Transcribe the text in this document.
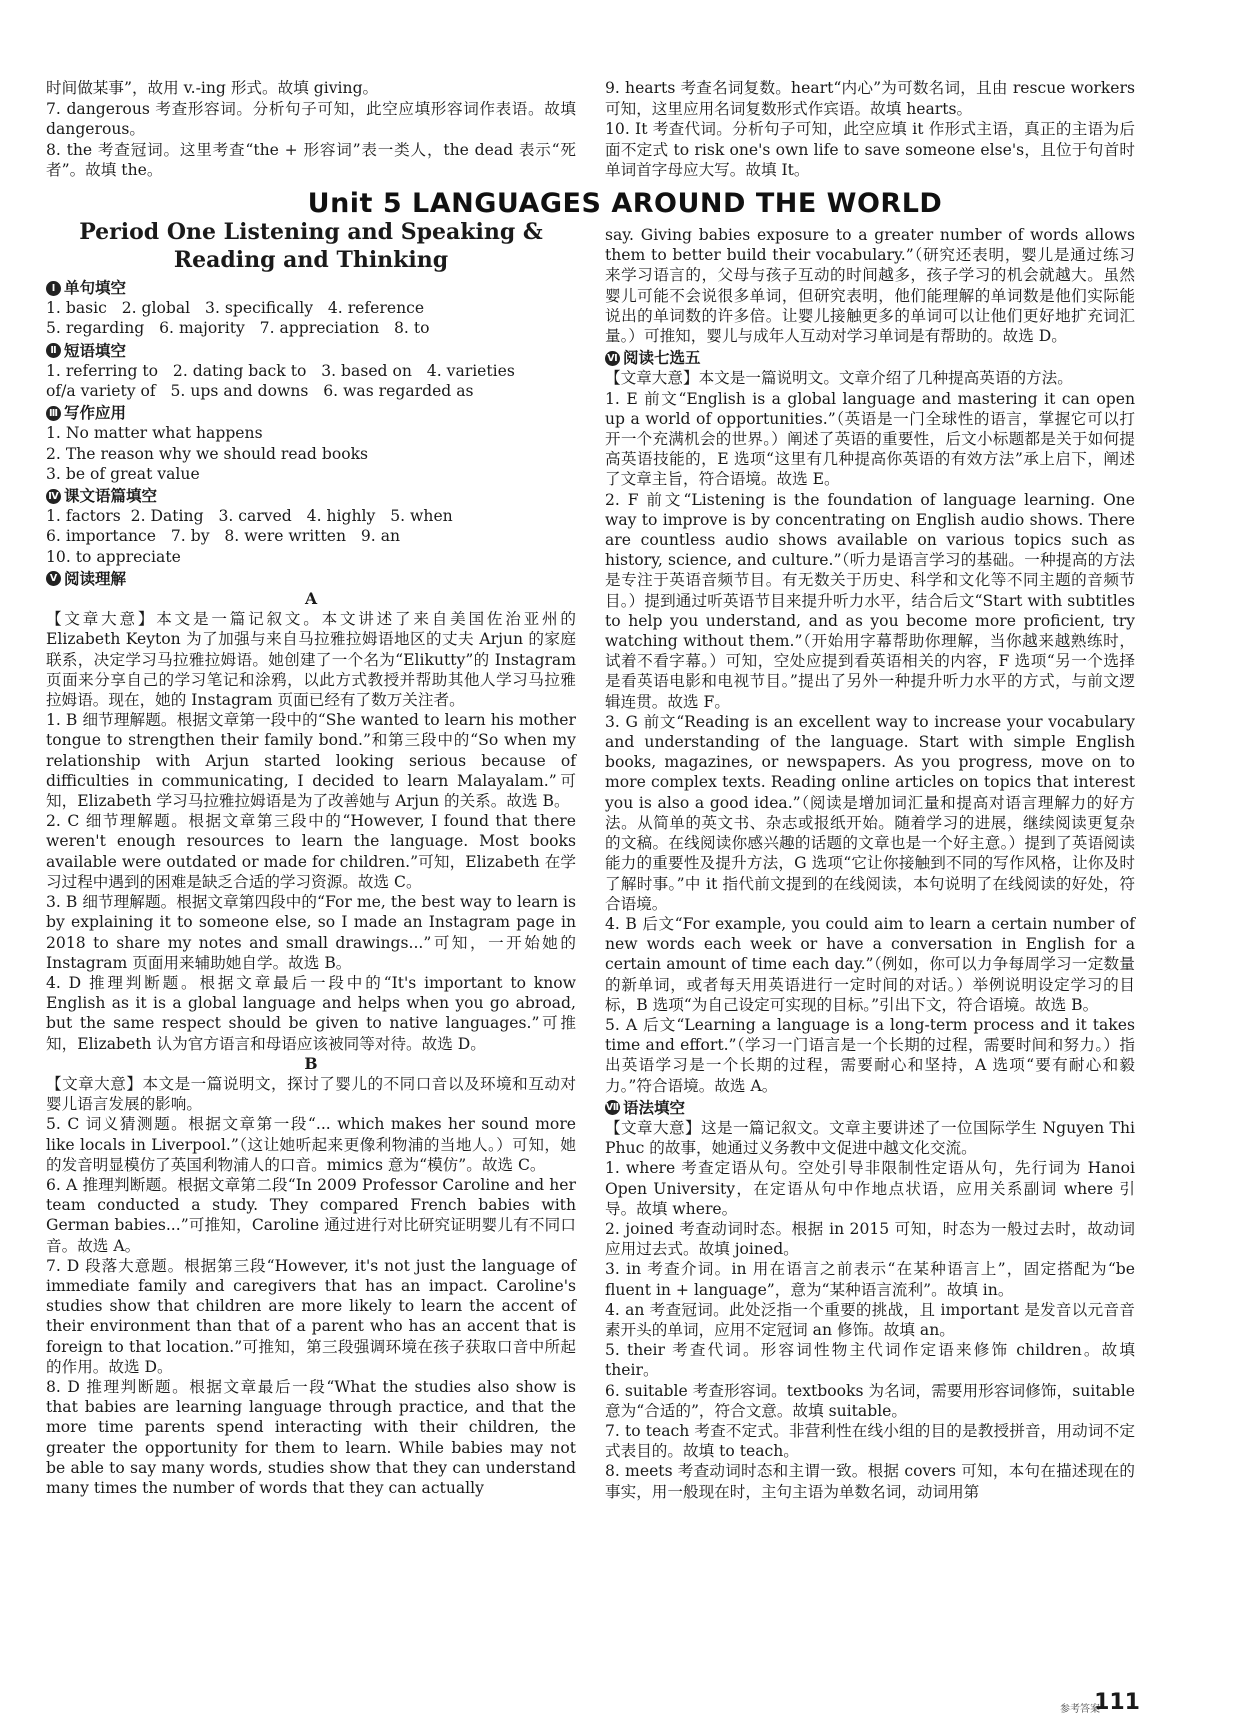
时间做某事”，故用 v.-ing 形式。故填 giving。

7. dangerous 考查形容词。分析句子可知，此空应填形容词作表语。故填 dangerous。

8. the 考查冠词。这里考查“the + 形容词”表一类人，the dead 表示“死者”。故填 the。

9. hearts 考查名词复数。heart“内心”为可数名词，且由 rescue workers 可知，这里应用名词复数形式作宾语。故填 hearts。

10. It 考查代词。分析句子可知，此空应填 it 作形式主语，真正的主语为后面不定式 to risk one's own life to save someone else's，且位于句首时单词首字母应大写。故填 It。

Unit 5 LANGUAGES AROUND THE WORLD
Period One Listening and Speaking &
Reading and Thinking
Ⅰ 单句填空

1. basic   2. global   3. specifically   4. reference

5. regarding   6. majority   7. appreciation   8. to

Ⅱ 短语填空

1. referring to   2. dating back to   3. based on   4. varieties

of/a variety of   5. ups and downs   6. was regarded as

Ⅲ 写作应用

1. No matter what happens

2. The reason why we should read books

3. be of great value

Ⅳ 课文语篇填空

1. factors  2. Dating   3. carved   4. highly   5. when

6. importance   7. by   8. were written   9. an

10. to appreciate

Ⅴ 阅读理解

A

【文章大意】本文是一篇记叙文。本文讲述了来自美国佐治亚州的 Elizabeth Keyton 为了加强与来自马拉雅拉姆语地区的丈夫 Arjun 的家庭联系，决定学习马拉雅拉姆语。她创建了一个名为“Elikutty”的 Instagram 页面来分享自己的学习笔记和涂鸦，以此方式教授并帮助其他人学习马拉雅拉姆语。现在，她的 Instagram 页面已经有了数万关注者。

1. B 细节理解题。根据文章第一段中的“She wanted to learn his mother tongue to strengthen their family bond.”和第三段中的“So when my relationship with Arjun started looking serious because of difficulties in communicating, I decided to learn Malayalam.”可知，Elizabeth 学习马拉雅拉姆语是为了改善她与 Arjun 的关系。故选 B。

2. C 细节理解题。根据文章第三段中的“However, I found that there weren't enough resources to learn the language. Most books available were outdated or made for children.”可知，Elizabeth 在学习过程中遇到的困难是缺乏合适的学习资源。故选 C。

3. B 细节理解题。根据文章第四段中的“For me, the best way to learn is by explaining it to someone else, so I made an Instagram page in 2018 to share my notes and small drawings...”可知，一开始她的 Instagram 页面用来辅助她自学。故选 B。

4. D 推理判断题。根据文章最后一段中的“It's important to know English as it is a global language and helps when you go abroad, but the same respect should be given to native languages.”可推知，Elizabeth 认为官方语言和母语应该被同等对待。故选 D。

B

【文章大意】本文是一篇说明文，探讨了婴儿的不同口音以及环境和互动对婴儿语言发展的影响。

5. C 词义猜测题。根据文章第一段“... which makes her sound more like locals in Liverpool.”（这让她听起来更像利物浦的当地人。）可知，她的发音明显模仿了英国利物浦人的口音。mimics 意为“模仿”。故选 C。

6. A 推理判断题。根据文章第二段“In 2009 Professor Caroline and her team conducted a study. They compared French babies with German babies...”可推知，Caroline 通过进行对比研究证明婴儿有不同口音。故选 A。

7. D 段落大意题。根据第三段“However, it's not just the language of immediate family and caregivers that has an impact. Caroline's studies show that children are more likely to learn the accent of their environment than that of a parent who has an accent that is foreign to that location.”可推知，第三段强调环境在孩子获取口音中所起的作用。故选 D。

8. D 推理判断题。根据文章最后一段“What the studies also show is that babies are learning language through practice, and that the more time parents spend interacting with their children, the greater the opportunity for them to learn. While babies may not be able to say many words, studies show that they can understand many times the number of words that they can actually

say. Giving babies exposure to a greater number of words allows them to better build their vocabulary.”（研究还表明，婴儿是通过练习来学习语言的，父母与孩子互动的时间越多，孩子学习的机会就越大。虽然婴儿可能不会说很多单词，但研究表明，他们能理解的单词数是他们实际能说出的单词数的许多倍。让婴儿接触更多的单词可以让他们更好地扩充词汇量。）可推知，婴儿与成年人互动对学习单词是有帮助的。故选 D。

Ⅵ 阅读七选五

【文章大意】本文是一篇说明文。文章介绍了几种提高英语的方法。

1. E 前文“English is a global language and mastering it can open up a world of opportunities.”（英语是一门全球性的语言，掌握它可以打开一个充满机会的世界。）阐述了英语的重要性，后文小标题都是关于如何提高英语技能的，E 选项“这里有几种提高你英语的有效方法”承上启下，阐述了文章主旨，符合语境。故选 E。

2. F 前文“Listening is the foundation of language learning. One way to improve is by concentrating on English audio shows. There are countless audio shows available on various topics such as history, science, and culture.”（听力是语言学习的基础。一种提高的方法是专注于英语音频节目。有无数关于历史、科学和文化等不同主题的音频节目。）提到通过听英语节目来提升听力水平，结合后文“Start with subtitles to help you understand, and as you become more proficient, try watching without them.”（开始用字幕帮助你理解，当你越来越熟练时，试着不看字幕。）可知，空处应提到看英语相关的内容，F 选项“另一个选择是看英语电影和电视节目。”提出了另外一种提升听力水平的方式，与前文逻辑连贯。故选 F。

3. G 前文“Reading is an excellent way to increase your vocabulary and understanding of the language. Start with simple English books, magazines, or newspapers. As you progress, move on to more complex texts. Reading online articles on topics that interest you is also a good idea.”（阅读是增加词汇量和提高对语言理解力的好方法。从简单的英文书、杂志或报纸开始。随着学习的进展，继续阅读更复杂的文稿。在线阅读你感兴趣的话题的文章也是一个好主意。）提到了英语阅读能力的重要性及提升方法，G 选项“它让你接触到不同的写作风格，让你及时了解时事。”中 it 指代前文提到的在线阅读，本句说明了在线阅读的好处，符合语境。

4. B 后文“For example, you could aim to learn a certain number of new words each week or have a conversation in English for a certain amount of time each day.”（例如，你可以力争每周学习一定数量的新单词，或者每天用英语进行一定时间的对话。）举例说明设定学习的目标，B 选项“为自己设定可实现的目标。”引出下文，符合语境。故选 B。

5. A 后文“Learning a language is a long-term process and it takes time and effort.”（学习一门语言是一个长期的过程，需要时间和努力。）指出英语学习是一个长期的过程，需要耐心和坚持，A 选项“要有耐心和毅力。”符合语境。故选 A。

Ⅶ 语法填空

【文章大意】这是一篇记叙文。文章主要讲述了一位国际学生 Nguyen Thi Phuc 的故事，她通过义务教中文促进中越文化交流。

1. where 考查定语从句。空处引导非限制性定语从句，先行词为 Hanoi Open University，在定语从句中作地点状语，应用关系副词 where 引导。故填 where。

2. joined 考查动词时态。根据 in 2015 可知，时态为一般过去时，故动词应用过去式。故填 joined。

3. in 考查介词。in 用在语言之前表示“在某种语言上”，固定搭配为“be fluent in + language”，意为“某种语言流利”。故填 in。

4. an 考查冠词。此处泛指一个重要的挑战，且 important 是发音以元音音素开头的单词，应用不定冠词 an 修饰。故填 an。

5. their 考查代词。形容词性物主代词作定语来修饰 children。故填 their。

6. suitable 考查形容词。textbooks 为名词，需要用形容词修饰，suitable 意为“合适的”，符合文意。故填 suitable。

7. to teach 考查不定式。非营利性在线小组的目的是教授拼音，用动词不定式表目的。故填 to teach。

8. meets 考查动词时态和主谓一致。根据 covers 可知，本句在描述现在的事实，用一般现在时，主句主语为单数名词，动词用第

参考答案
111
